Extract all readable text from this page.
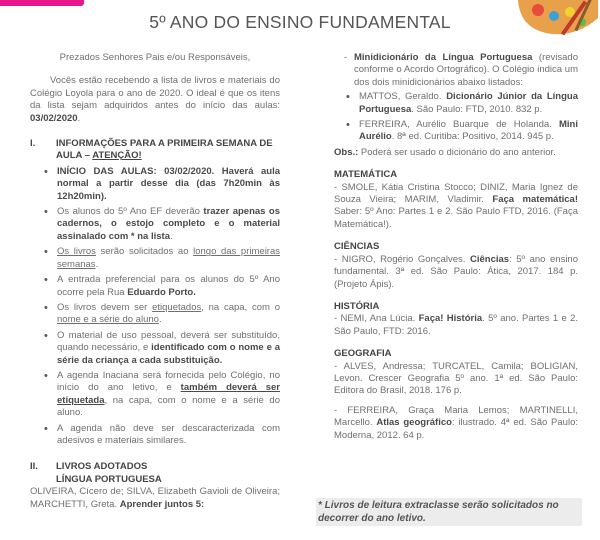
5º ANO DO ENSINO FUNDAMENTAL

Prezados Senhores Pais e/ou Responsáveis,

Vocês estão recebendo a lista de livros e materiais do Colégio Loyola para o ano de 2020. O ideal é que os itens da lista sejam adquiridos antes do início das aulas: 03/02/2020.

I.	INFORMAÇÕES PARA A PRIMEIRA SEMANA DE
AULA – ATENÇÃO!
• INÍCIO DAS AULAS: 03/02/2020. Haverá aula normal a partir desse dia (das 7h20min às 12h20min).
• Os alunos do 5º Ano EF deverão trazer apenas os cadernos, o estojo completo e o material assinalado com * na lista.
• Os livros serão solicitados ao longo das primeiras semanas.
• A entrada preferencial para os alunos do 5º Ano ocorre pela Rua Eduardo Porto.
• Os livros devem ser etiquetados, na capa, com o nome e a série do aluno.
• O material de uso pessoal, deverá ser substituído, quando necessário, e identificado com o nome e a série da criança a cada substituição.
• A agenda Inaciana será fornecida pelo Colégio, no início do ano letivo, e também deverá ser etiquetada, na capa, com o nome e a série do aluno.
• A agenda não deve ser descaracterizada com adesivos e materiais similares.
II.	LIVROS ADOTADOS
LÍNGUA PORTUGUESA

OLIVEIRA, Cícero de; SILVA, Elizabeth Gavioli de Oliveira; MARCHETTI, Greta. Aprender juntos 5:

- Minidicionário da Língua Portuguesa (revisado conforme o Acordo Ortográfico). O Colégio indica um dos dois minidicionários abaixo listados:
• MATTOS, Geraldo. Dicionário Júnior da Língua Portuguesa. São Paulo: FTD, 2010. 832 p.
• FERREIRA, Aurélio Buarque de Holanda. Mini Aurélio. 8ª ed. Curitiba: Positivo, 2014. 945 p.

Obs.: Poderá ser usado o dicionário do ano anterior.

MATEMÁTICA

- SMOLE, Kátia Cristina Stocco; DINIZ, Maria Ignez de Souza Vieira; MARIM, Vladimir. Faça matemática! Saber: 5º Ano: Partes 1 e 2. São Paulo FTD, 2016. (Faça Matemática!).

CIÊNCIAS

- NIGRO, Rogério Gonçalves. Ciências: 5º ano ensino fundamental. 3ª ed. São Paulo: Ática, 2017. 184 p. (Projeto Ápis).

HISTÓRIA

- NEMI, Ana Lúcia. Faça! História. 5º ano. Partes 1 e 2. São Paulo, FTD: 2016.

GEOGRAFIA

- ALVES, Andressa; TURCATEL, Camila; BOLIGIAN, Levon. Crescer Geografia 5º ano. 1ª ed. São Paulo: Editora do Brasil, 2018. 176 p.

- FERREIRA, Graça Maria Lemos; MARTINELLI, Marcello. Atlas geográfico: ilustrado. 4ª ed. São Paulo: Moderna, 2012. 64 p.

* Livros de leitura extraclasse serão solicitados no decorrer do ano letivo.
